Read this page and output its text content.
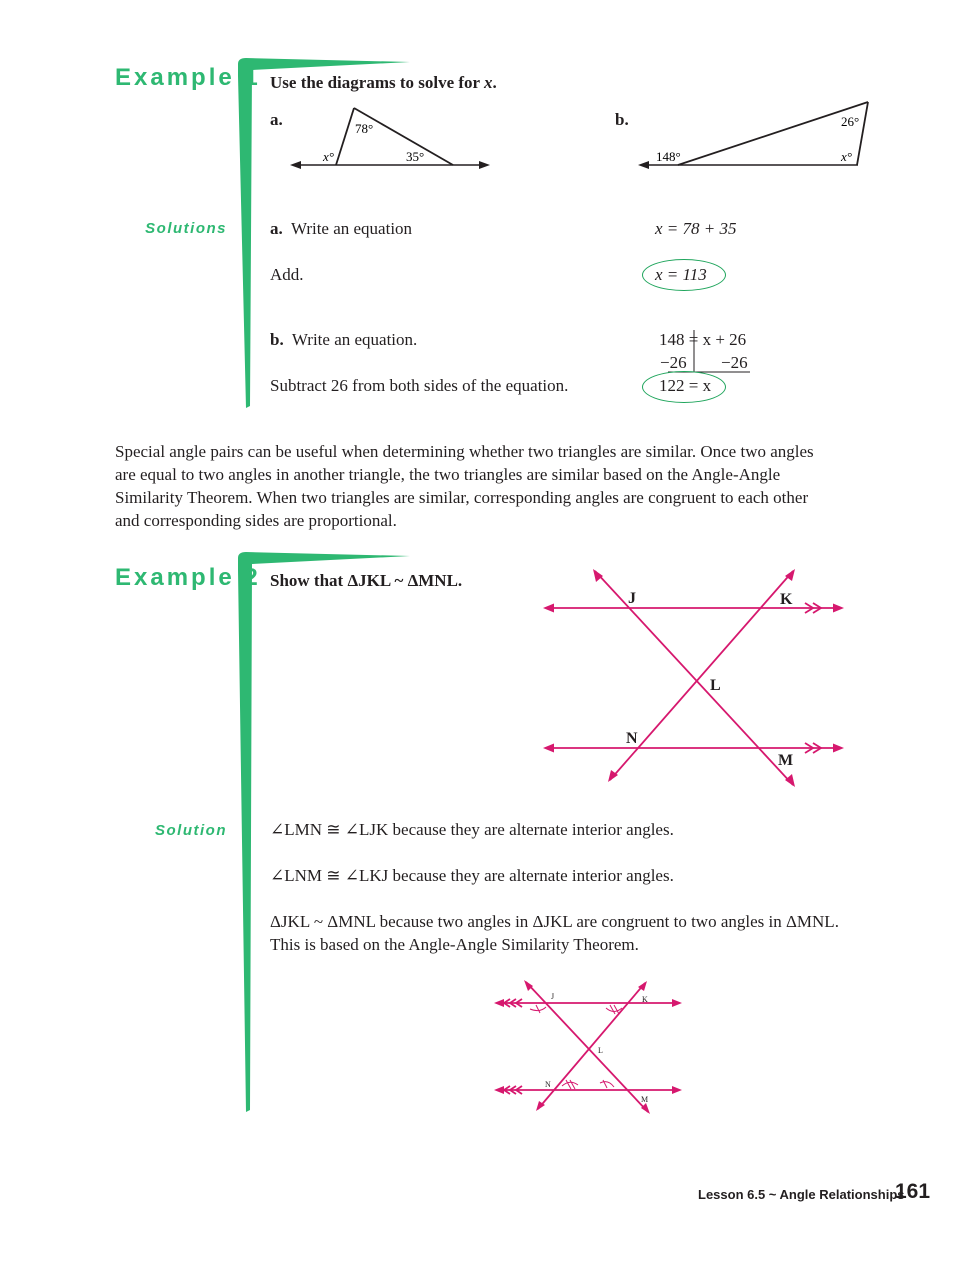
Example 1 Use the diagrams to solve for x.
a.	78°
x°	35°
b.	26°
148°	x°
Solutions	a. Write an equation	x = 78 + 35
Add.	x = 113
b. Write an equation.	148 = x + 26
−26 −26
Subtract 26 from both sides of the equation.	122 = x
Special angle pairs can be useful when determining whether two triangles are similar. Once two angles
are equal to two angles in another triangle, the two triangles are similar based on the Angle-Angle
Similarity Theorem. When two triangles are similar, corresponding angles are congruent to each other
and corresponding sides are proportional.
Example 2 Show that ΔJKL ~ ΔMNL.
J	K
L
N
M
Solution	∠LMN ≅ ∠LJK because they are alternate interior angles.
∠LNM ≅ ∠LKJ because they are alternate interior angles.
ΔJKL ~ ΔMNL because two angles in ΔJKL are congruent to two angles in ΔMNL.
This is based on the Angle-Angle Similarity Theorem.
J	K
L
N
M
Lesson 6.5 ~ Angle Relationships
161
